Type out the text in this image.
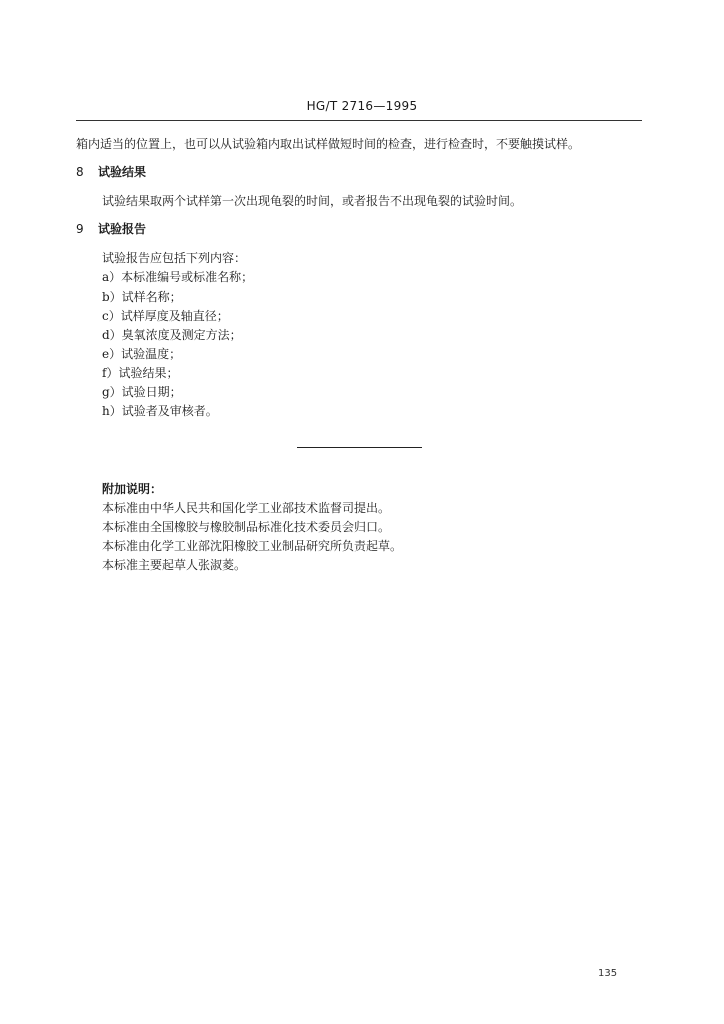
HG/T 2716—1995
箱内适当的位置上，也可以从试验箱内取出试样做短时间的检查，进行检查时，不要触摸试样。
8 试验结果
试验结果取两个试样第一次出现龟裂的时间，或者报告不出现龟裂的试验时间。
9 试验报告
试验报告应包括下列内容：
a）本标准编号或标准名称；
b）试样名称；
c）试样厚度及轴直径；
d）臭氧浓度及测定方法；
e）试验温度；
f）试验结果；
g）试验日期；
h）试验者及审核者。
附加说明：
本标准由中华人民共和国化学工业部技术监督司提出。
本标准由全国橡胶与橡胶制品标准化技术委员会归口。
本标准由化学工业部沈阳橡胶工业制品研究所负责起草。
本标准主要起草人张淑菱。
135
